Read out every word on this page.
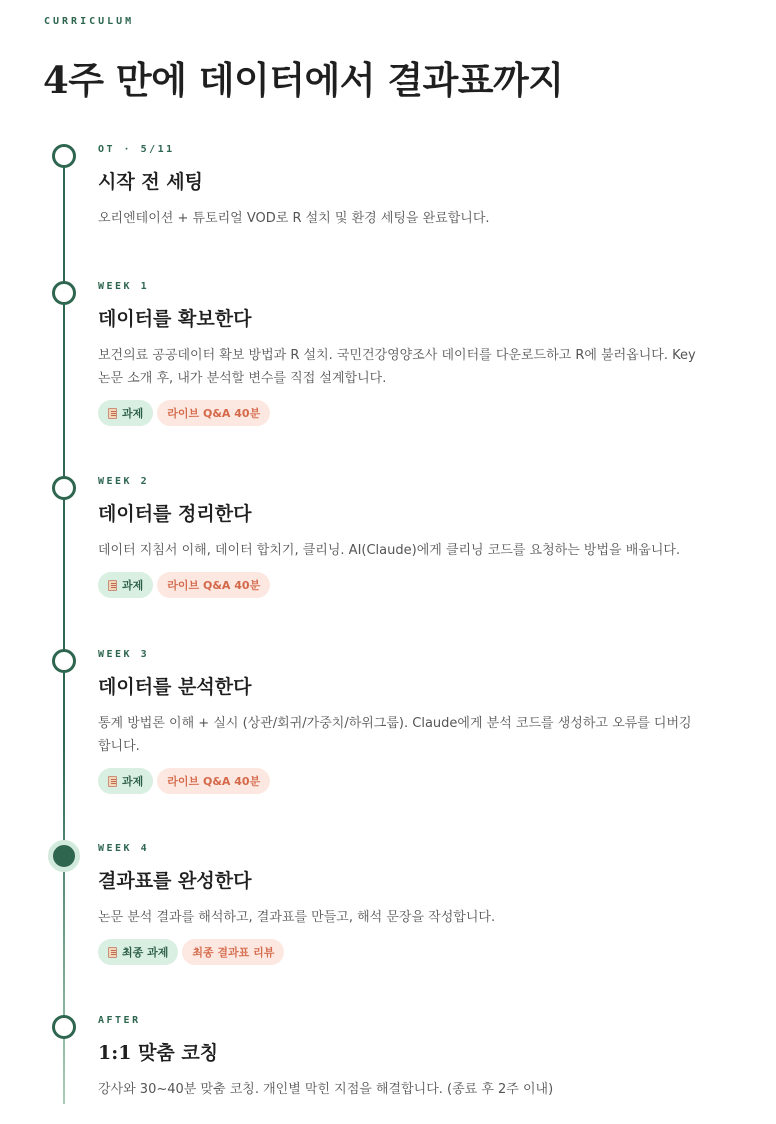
CURRICULUM
4주 만에 데이터에서 결과표까지
OT · 5/11
시작 전 세팅

오리엔테이션 + 튜토리얼 VOD로 R 설치 및 환경 세팅을 완료합니다.

WEEK 1
데이터를 확보한다

보건의료 공공데이터 확보 방법과 R 설치. 국민건강영양조사 데이터를 다운로드하고 R에 불러옵니다. Key 논문 소개 후, 내가 분석할 변수를 직접 설계합니다.

과제	라이브 Q&A 40분
WEEK 2
데이터를 정리한다

데이터 지침서 이해, 데이터 합치기, 클리닝. AI(Claude)에게 클리닝 코드를 요청하는 방법을 배웁니다.

과제	라이브 Q&A 40분
WEEK 3
데이터를 분석한다

통계 방법론 이해 + 실시 (상관/회귀/가중치/하위그룹). Claude에게 분석 코드를 생성하고 오류를 디버깅합니다.

과제	라이브 Q&A 40분
WEEK 4
결과표를 완성한다

논문 분석 결과를 해석하고, 결과표를 만들고, 해석 문장을 작성합니다.

최종 과제	최종 결과표 리뷰
AFTER
1:1 맞춤 코칭

강사와 30~40분 맞춤 코칭. 개인별 막힌 지점을 해결합니다. (종료 후 2주 이내)
